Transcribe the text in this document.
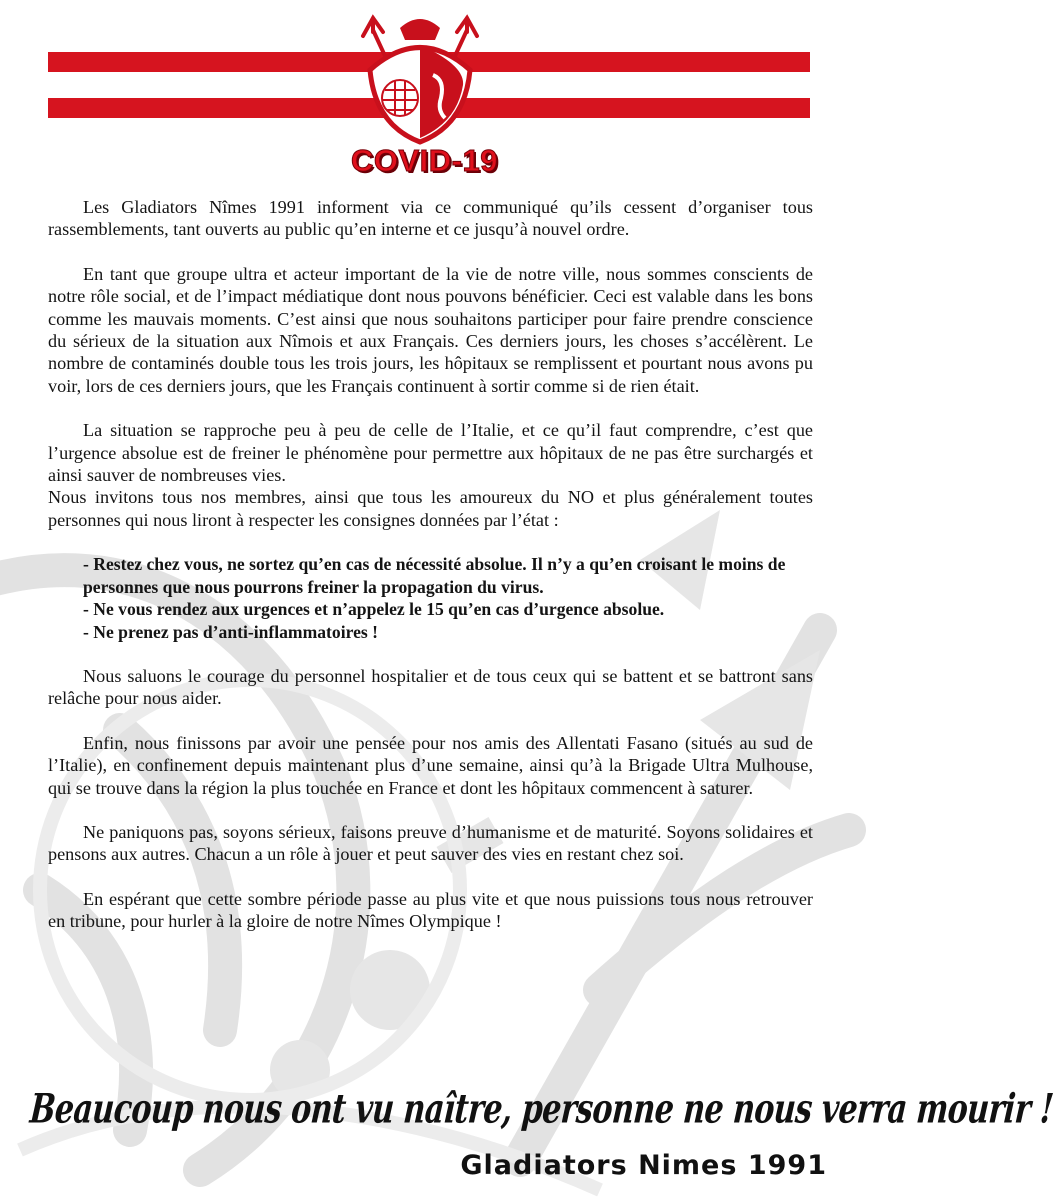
COVID-19

Les Gladiators Nîmes 1991 informent via ce communiqué qu’ils cessent d’organiser tous rassemblements, tant ouverts au public qu’en interne et ce jusqu’à nouvel ordre.

En tant que groupe ultra et acteur important de la vie de notre ville, nous sommes conscients de notre rôle social, et de l’impact médiatique dont nous pouvons bénéficier. Ceci est valable dans les bons comme les mauvais moments. C’est ainsi que nous souhaitons participer pour faire prendre conscience du sérieux de la situation aux Nîmois et aux Français. Ces derniers jours, les choses s’accélèrent. Le nombre de contaminés double tous les trois jours, les hôpitaux se remplissent et pourtant nous avons pu voir, lors de ces derniers jours, que les Français continuent à sortir comme si de rien était.

La situation se rapproche peu à peu de celle de l’Italie, et ce qu’il faut comprendre, c’est que l’urgence absolue est de freiner le phénomène pour permettre aux hôpitaux de ne pas être surchargés et ainsi sauver de nombreuses vies.

Nous invitons tous nos membres, ainsi que tous les amoureux du NO et plus généralement toutes personnes qui nous liront à respecter les consignes données par l’état :

- Restez chez vous, ne sortez qu’en cas de nécessité absolue. Il n’y a qu’en croisant le moins de personnes que nous pourrons freiner la propagation du virus.
- Ne vous rendez aux urgences et n’appelez le 15 qu’en cas d’urgence absolue.
- Ne prenez pas d’anti-inflammatoires !

Nous saluons le courage du personnel hospitalier et de tous ceux qui se battent et se battront sans relâche pour nous aider.

Enfin, nous finissons par avoir une pensée pour nos amis des Allentati Fasano (situés au sud de l’Italie), en confinement depuis maintenant plus d’une semaine, ainsi qu’à la Brigade Ultra Mulhouse, qui se trouve dans la région la plus touchée en France et dont les hôpitaux commencent à saturer.

Ne paniquons pas, soyons sérieux, faisons preuve d’humanisme et de maturité. Soyons solidaires et pensons aux autres. Chacun a un rôle à jouer et peut sauver des vies en restant chez soi.

En espérant que cette sombre période passe au plus vite et que nous puissions tous nous retrouver en tribune, pour hurler à la gloire de notre Nîmes Olympique !

Beaucoup nous ont vu naître, personne ne nous verra mourir !
Gladiators Nimes 1991
